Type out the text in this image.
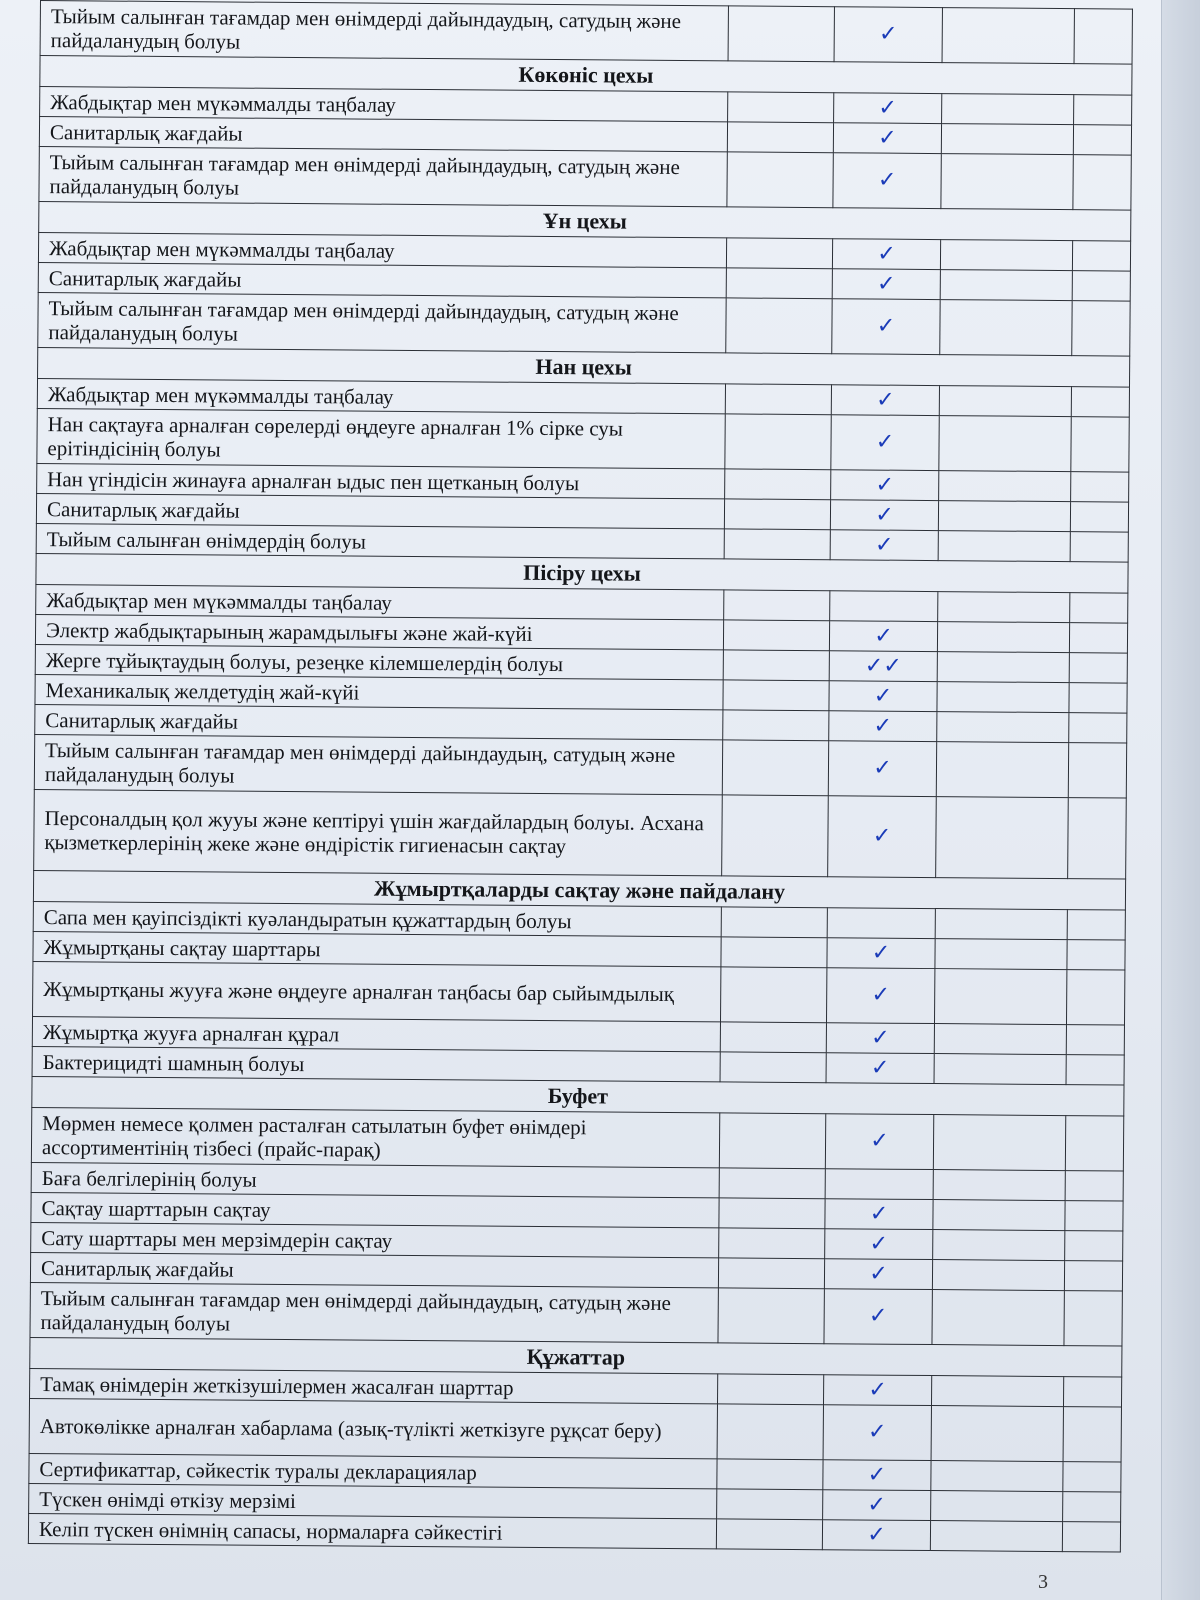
Тыйым салынған тағамдар мен өнімдерді дайындаудың, сатудың және пайдаланудың болуы		✓		
Көкөніс цехы				
Жабдықтар мен мүкәммалды таңбалау		✓		
Санитарлық жағдайы		✓		
Тыйым салынған тағамдар мен өнімдерді дайындаудың, сатудың және пайдаланудың болуы		✓		
Ұн цехы				
Жабдықтар мен мүкәммалды таңбалау		✓		
Санитарлық жағдайы		✓		
Тыйым салынған тағамдар мен өнімдерді дайындаудың, сатудың және пайдаланудың болуы		✓		
Нан цехы				
Жабдықтар мен мүкәммалды таңбалау		✓		
Нан сақтауға арналған сөрелерді өңдеуге арналған 1% сірке суы ерітіндісінің болуы		✓		
Нан үгіндісін жинауға арналған ыдыс пен щетканың болуы		✓		
Санитарлық жағдайы		✓		
Тыйым салынған өнімдердің болуы		✓		
Пісіру цехы				
Жабдықтар мен мүкәммалды таңбалау				
Электр жабдықтарының жарамдылығы және жай-күйі		✓		
Жерге тұйықтаудың болуы, резеңке кілемшелердің болуы		✓✓		
Механикалық желдетудің жай-күйі		✓		
Санитарлық жағдайы		✓		
Тыйым салынған тағамдар мен өнімдерді дайындаудың, сатудың және пайдаланудың болуы		✓		
Персоналдың қол жууы және кептіруі үшін жағдайлардың болуы. Асхана қызметкерлерінің жеке және өндірістік гигиенасын сақтау		✓		
Жұмыртқаларды сақтау және пайдалану				
Сапа мен қауіпсіздікті куәландыратын құжаттардың болуы				
Жұмыртқаны сақтау шарттары		✓		
Жұмыртқаны жууға және өңдеуге арналған таңбасы бар сыйымдылық		✓		
Жұмыртқа жууға арналған құрал		✓		
Бактерицидті шамның болуы		✓		
Буфет				
Мөрмен немесе қолмен расталған сатылатын буфет өнімдері ассортиментінің тізбесі (прайс-парақ)		✓		
Баға белгілерінің болуы				
Сақтау шарттарын сақтау		✓		
Сату шарттары мен мерзімдерін сақтау		✓		
Санитарлық жағдайы		✓		
Тыйым салынған тағамдар мен өнімдерді дайындаудың, сатудың және пайдаланудың болуы		✓		
Құжаттар				
Тамақ өнімдерін жеткізушілермен жасалған шарттар		✓		
Автокөлікке арналған хабарлама (азық-түлікті жеткізуге рұқсат беру)		✓		
Сертификаттар, сәйкестік туралы декларациялар		✓		
Түскен өнімді өткізу мерзімі		✓		
Келіп түскен өнімнің сапасы, нормаларға сәйкестігі		✓		
3
